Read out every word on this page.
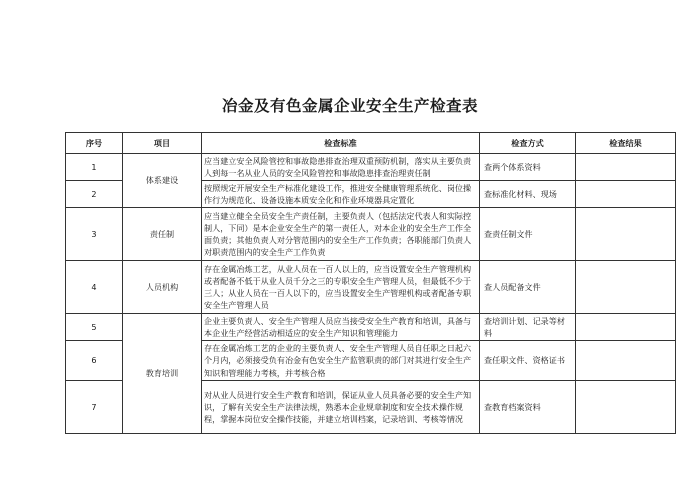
冶金及有色金属企业安全生产检查表
序号	项目	检查标准	检查方式	检查结果
1	体系建设	应当建立安全风险管控和事故隐患排查治理双重预防机制，落实从主要负责人到每一名从业人员的安全风险管控和事故隐患排查治理责任制	查两个体系资料	
2		按照规定开展安全生产标准化建设工作，推进安全健康管理系统化、岗位操作行为规范化、设备设施本质安全化和作业环境器具定置化	查标准化材料、现场	
3	责任制	应当建立健全全员安全生产责任制，主要负责人（包括法定代表人和实际控制人，下同）是本企业安全生产的第一责任人，对本企业的安全生产工作全面负责；其他负责人对分管范围内的安全生产工作负责；各职能部门负责人对职责范围内的安全生产工作负责	查责任制文件	
4	人员机构	存在金属冶炼工艺，从业人员在一百人以上的，应当设置安全生产管理机构或者配备不低于从业人员千分之三的专职安全生产管理人员，但最低不少于三人；从业人员在一百人以下的，应当设置安全生产管理机构或者配备专职安全生产管理人员	查人员配备文件	
5	教育培训	企业主要负责人、安全生产管理人员应当接受安全生产教育和培训，具备与本企业生产经营活动相适应的安全生产知识和管理能力	查培训计划、记录等材料	
6		存在金属冶炼工艺的企业的主要负责人、安全生产管理人员自任职之日起六个月内，必须接受负有冶金有色安全生产监管职责的部门对其进行安全生产知识和管理能力考核，并考核合格	查任职文件、资格证书	
7		对从业人员进行安全生产教育和培训，保证从业人员具备必要的安全生产知识，了解有关安全生产法律法规，熟悉本企业规章制度和安全技术操作规程，掌握本岗位安全操作技能，并建立培训档案，记录培训、考核等情况	查教育档案资料	
